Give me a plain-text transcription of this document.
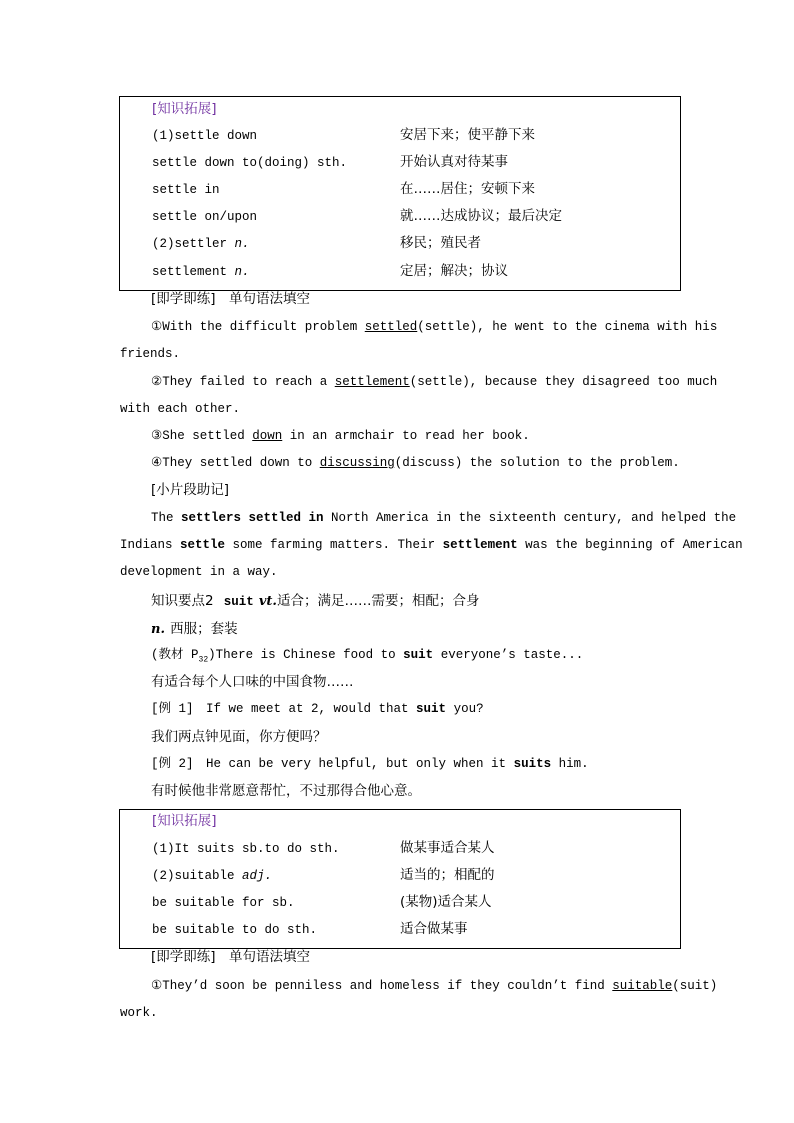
[知识拓展]
(1)settle down	安居下来；使平静下来
settle down to(doing) sth.	开始认真对待某事
settle in	在……居住；安顿下来
settle on/upon	就……达成协议；最后决定
(2)settler n.	移民；殖民者
settlement n.	定居；解决；协议
[即学即练]　单句语法填空
①With the difficult problem settled(settle), he went to the cinema with his
friends.
②They failed to reach a settlement(settle), because they disagreed too much
with each other.
③She settled down in an armchair to read her book.
④They settled down to discussing(discuss) the solution to the problem.
[小片段助记]
The settlers settled in North America in the sixteenth century, and helped the
Indians settle some farming matters. Their settlement was the beginning of American
development in a way.
知识要点2 suit vt.适合；满足……需要；相配；合身
n. 西服；套装
(教材 $P_{32})There$ is Chinese food to suit everyone’s taste...
有适合每个人口味的中国食物……
[例 1]　If we meet at 2, would that suit you?
我们两点钟见面，你方便吗？
[例 2]　He can be very helpful, but only when it suits him.
有时候他非常愿意帮忙，不过那得合他心意。
[知识拓展]
(1)It suits sb.to do sth.	做某事适合某人
(2)suitable adj.	适当的；相配的
be suitable for sb.	(某物)适合某人
be suitable to do sth.	适合做某事
[即学即练]　单句语法填空
①They’d soon be penniless and homeless if they couldn’t find suitable(suit)
work.
